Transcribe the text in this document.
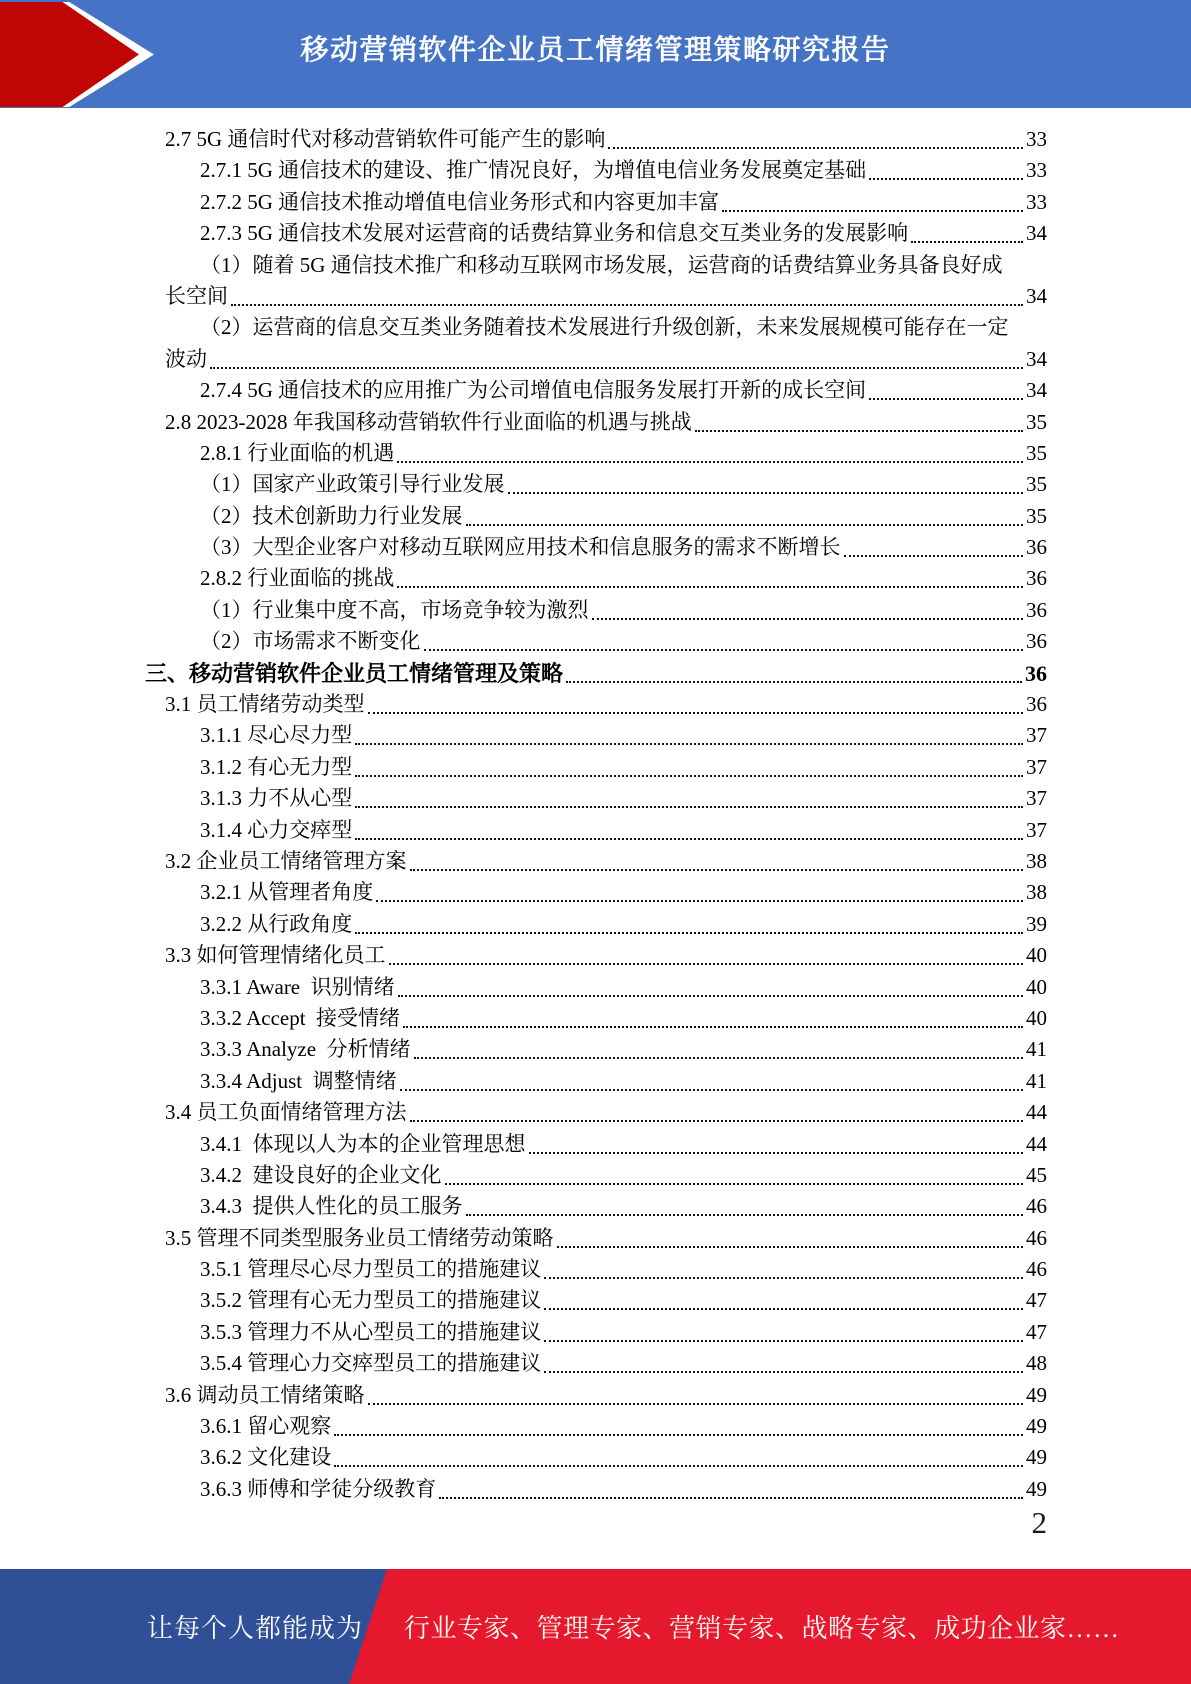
移动营销软件企业员工情绪管理策略研究报告
2.7 5G 通信时代对移动营销软件可能产生的影响	33
2.7.1 5G 通信技术的建设、推广情况良好，为增值电信业务发展奠定基础	33
2.7.2 5G 通信技术推动增值电信业务形式和内容更加丰富	33
2.7.3 5G 通信技术发展对运营商的话费结算业务和信息交互类业务的发展影响	34
（1）随着 5G 通信技术推广和移动互联网市场发展，运营商的话费结算业务具备良好成
长空间	34
（2）运营商的信息交互类业务随着技术发展进行升级创新，未来发展规模可能存在一定
波动	34
2.7.4 5G 通信技术的应用推广为公司增值电信服务发展打开新的成长空间	34
2.8 2023-2028 年我国移动营销软件行业面临的机遇与挑战	35
2.8.1 行业面临的机遇	35
（1）国家产业政策引导行业发展	35
（2）技术创新助力行业发展	35
（3）大型企业客户对移动互联网应用技术和信息服务的需求不断增长	36
2.8.2 行业面临的挑战	36
（1）行业集中度不高，市场竞争较为激烈	36
（2）市场需求不断变化	36
三、移动营销软件企业员工情绪管理及策略	36
3.1 员工情绪劳动类型	36
3.1.1 尽心尽力型	37
3.1.2 有心无力型	37
3.1.3 力不从心型	37
3.1.4 心力交瘁型	37
3.2 企业员工情绪管理方案	38
3.2.1 从管理者角度	38
3.2.2 从行政角度	39
3.3 如何管理情绪化员工	40
3.3.1 Aware  识别情绪	40
3.3.2 Accept  接受情绪	40
3.3.3 Analyze  分析情绪	41
3.3.4 Adjust  调整情绪	41
3.4 员工负面情绪管理方法	44
3.4.1  体现以人为本的企业管理思想	44
3.4.2  建设良好的企业文化	45
3.4.3  提供人性化的员工服务	46
3.5 管理不同类型服务业员工情绪劳动策略	46
3.5.1 管理尽心尽力型员工的措施建议	46
3.5.2 管理有心无力型员工的措施建议	47
3.5.3 管理力不从心型员工的措施建议	47
3.5.4 管理心力交瘁型员工的措施建议	48
3.6 调动员工情绪策略	49
3.6.1 留心观察	49
3.6.2 文化建设	49
3.6.3 师傅和学徒分级教育	49
2
让每个人都能成为 行业专家、管理专家、营销专家、战略专家、成功企业家……
